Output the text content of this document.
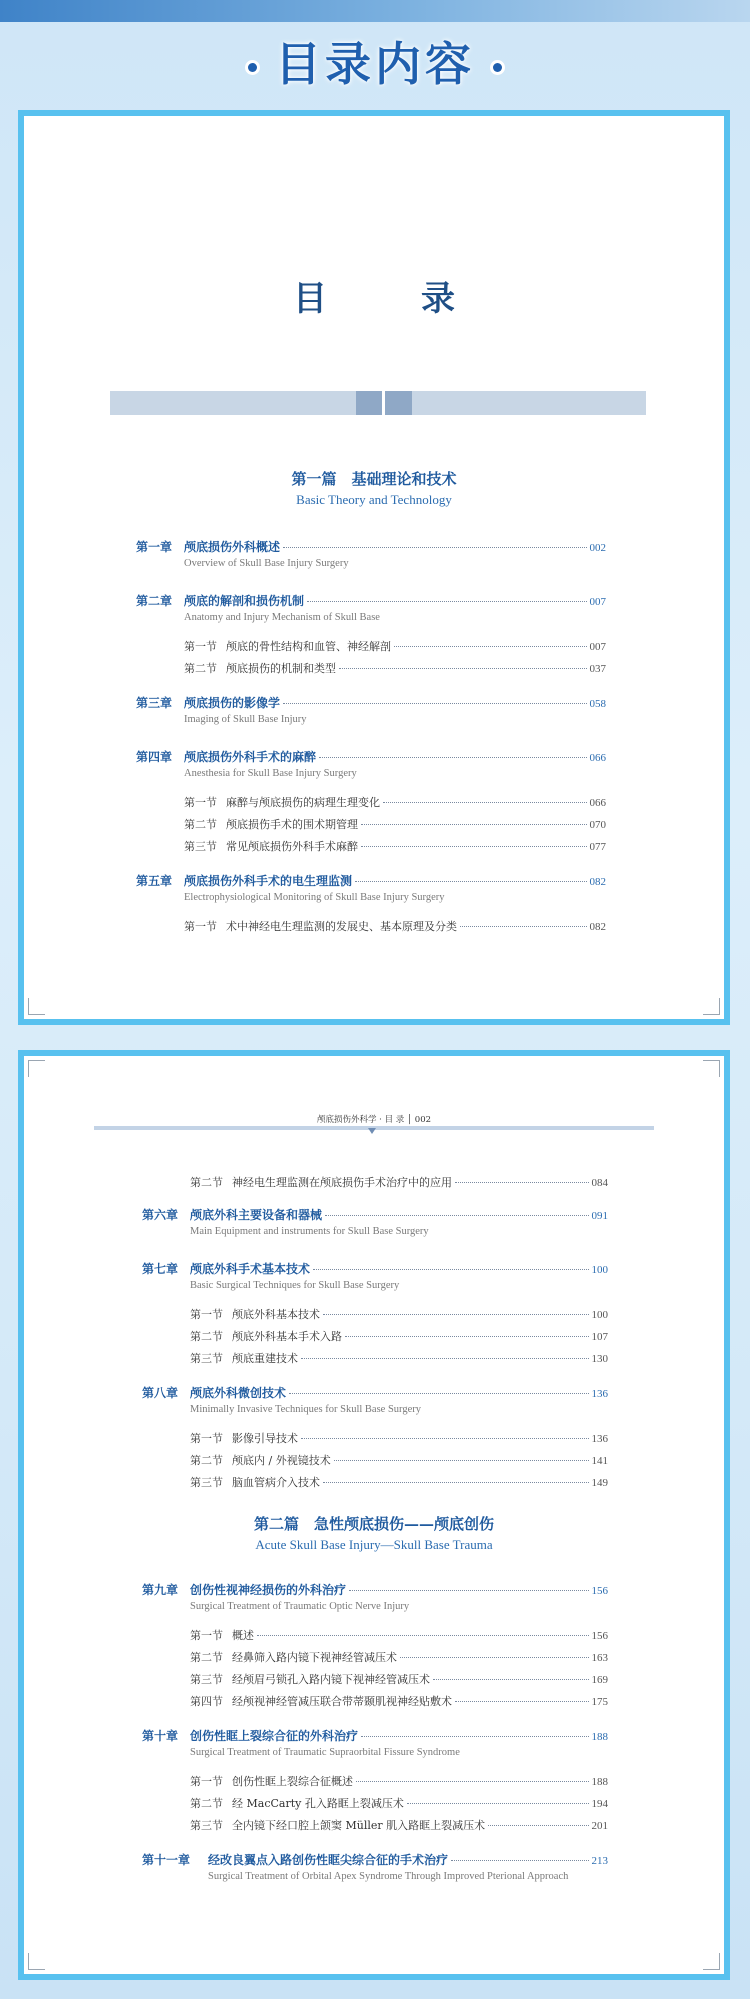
目录内容
目　录
第一篇　基础理论和技术
Basic Theory and Technology
第一章 颅底损伤外科概述	002
Overview of Skull Base Injury Surgery
第二章 颅底的解剖和损伤机制	007
Anatomy and Injury Mechanism of Skull Base
第一节 颅底的骨性结构和血管、神经解剖	007
第二节 颅底损伤的机制和类型	037
第三章 颅底损伤的影像学	058
Imaging of Skull Base Injury
第四章 颅底损伤外科手术的麻醉	066
Anesthesia for Skull Base Injury Surgery
第一节 麻醉与颅底损伤的病理生理变化	066
第二节 颅底损伤手术的围术期管理	070
第三节 常见颅底损伤外科手术麻醉	077
第五章 颅底损伤外科手术的电生理监测	082
Electrophysiological Monitoring of Skull Base Injury Surgery
第一节 术中神经电生理监测的发展史、基本原理及分类	082
颅底损伤外科学 · 目 录 │ 002
第二节 神经电生理监测在颅底损伤手术治疗中的应用	084
第六章 颅底外科主要设备和器械	091
Main Equipment and instruments for Skull Base Surgery
第七章 颅底外科手术基本技术	100
Basic Surgical Techniques for Skull Base Surgery
第一节 颅底外科基本技术	100
第二节 颅底外科基本手术入路	107
第三节 颅底重建技术	130
第八章 颅底外科微创技术	136
Minimally Invasive Techniques for Skull Base Surgery
第一节 影像引导技术	136
第二节 颅底内 / 外视镜技术	141
第三节 脑血管病介入技术	149
第二篇　急性颅底损伤——颅底创伤
Acute Skull Base Injury—Skull Base Trauma
第九章 创伤性视神经损伤的外科治疗	156
Surgical Treatment of Traumatic Optic Nerve Injury
第一节 概述	156
第二节 经鼻筛入路内镜下视神经管减压术	163
第三节 经颅眉弓锁孔入路内镜下视神经管减压术	169
第四节 经颅视神经管减压联合带蒂颞肌视神经贴敷术	175
第十章 创伤性眶上裂综合征的外科治疗	188
Surgical Treatment of Traumatic Supraorbital Fissure Syndrome
第一节 创伤性眶上裂综合征概述	188
第二节 经 MacCarty 孔入路眶上裂减压术	194
第三节 全内镜下经口腔上颌窦 Müller 肌入路眶上裂减压术	201
第十一章	经改良翼点入路创伤性眶尖综合征的手术治疗	213
Surgical Treatment of Orbital Apex Syndrome Through Improved Pterional Approach
